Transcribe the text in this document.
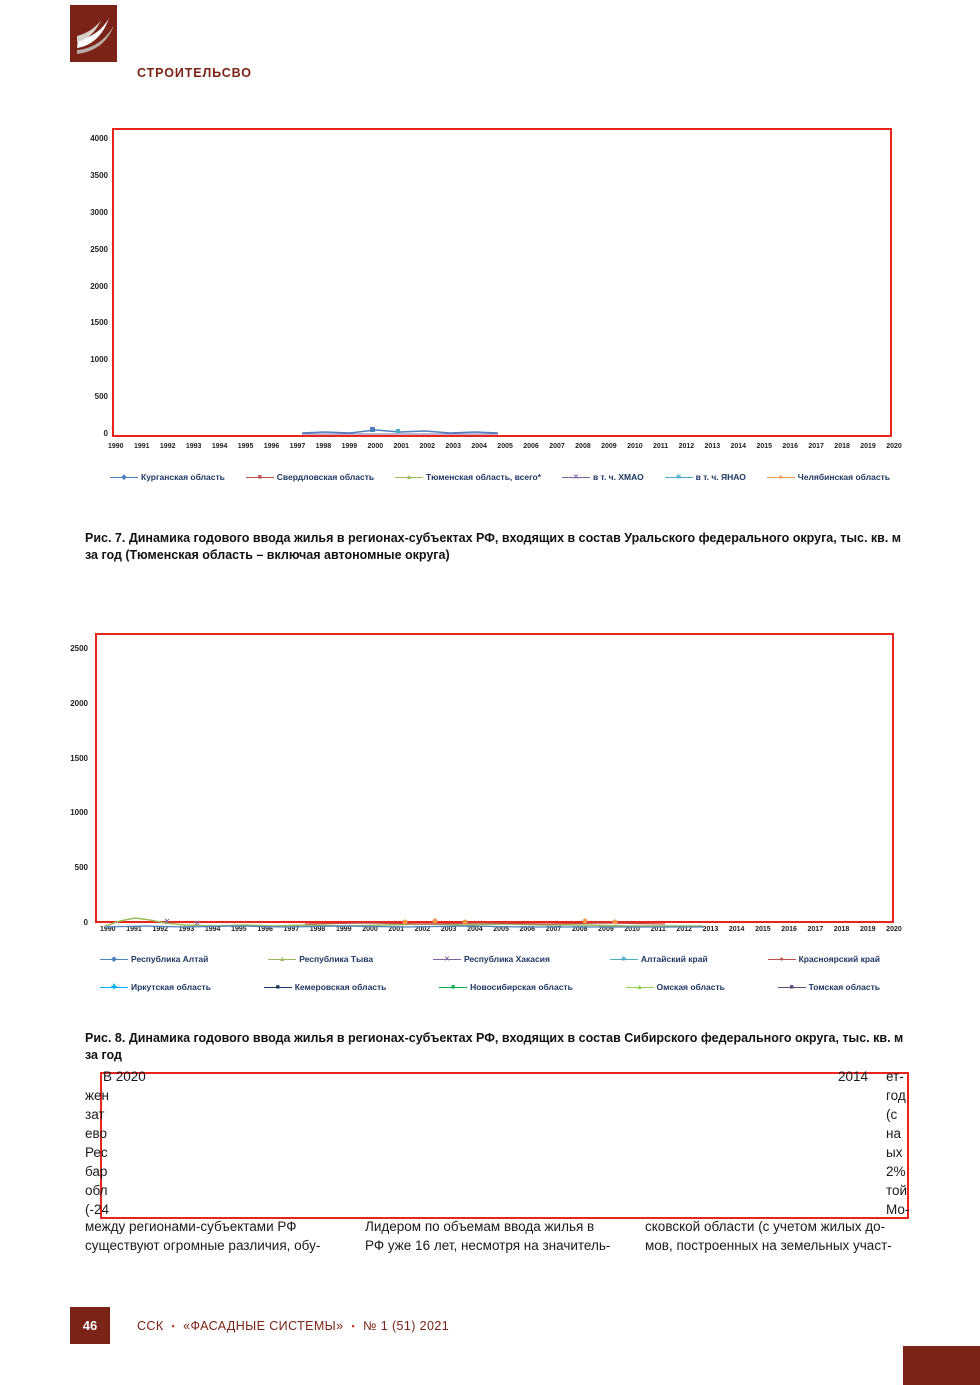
СТРОИТЕЛЬСВО
4000
3500
3000
2500
2000
1500
1000
500
0
1990 1991 1992 1993 1994 1995 1996 1997 1998 1999 2000 2001 2002 2003 2004 2005 2006 2007 2008 2009 2010 2011 2012 2013 2014 2015 2016 2017 2018 2019 2020
◆	Курганская область	■	Свердловская область	▲	Тюменская область, всего*	✕	в т. ч. ХМАО	✳	в т. ч. ЯНАО	●	Челябинская область
Рис. 7. Динамика годового ввода жилья в регионах-субъектах РФ, входящих в состав Уральского федерального округа, тыс. кв. м за год (Тюменская область – включая автономные округа)
2500
2000
1500
1000
500
0
1990 1991 1992 1993 1994 1995 1996 1997 1998 1999 2000 2001 2002 2003 2004 2005 2006 2007 2008 2009 2010 2011 2012 2013 2014 2015 2016 2017 2018 2019 2020
◆	Республика Алтай	▲	Республика Тыва	✕	Республика Хакасия	✳	Алтайский край	●	Красноярский край
✚	Иркутская область	■	Кемеровская область	■	Новосибирская область	▲	Омская область	■	Томская область
Рис. 8. Динамика годового ввода жилья в регионах-субъектах РФ, входящих в состав Сибирского федерального округа, тыс. кв. м за год
В 2020	2014
жен
зат
ево
Рес
бар
обл
(-24
ет-
год
(с
на
ых
2%
той
Мо-
между регионами-субъектами РФ
существуют огромные различия, обу-
Лидером по объемам ввода жилья в
РФ уже 16 лет, несмотря на значитель-
сковской области (с учетом жилых до-
мов, построенных на земельных участ-
46	ССК	▪ «ФАСАДНЫЕ СИСТЕМЫ»	▪ № 1 (51) 2021
